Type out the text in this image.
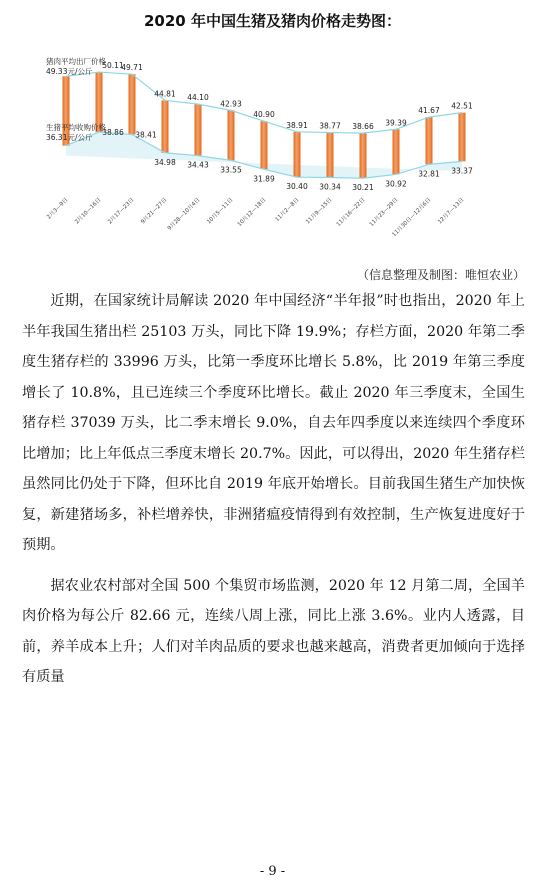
2020 年中国生猪及猪肉价格走势图：
50.11
49.71
44.81 44.10
42.93
40.90
38.91 38.77 38.66 39.39
41.67 42.51
38.86 38.41
34.98 34.43
33.55
31.89
30.40 30.34 30.21 30.92
32.81 33.37
2月3—9日 2月10—16日 2月17—23日 9月21—27日
9月28—10月4日 10月5—11日 10月12—18日 11月2—8日 11月9—15日 11月16—22日 11月23—29日
11月30日—12月6日 12月7—13日
猪肉平均出厂价格
49.33元/公斤
生猪平均收购价格
36.31元/公斤
（信息整理及制图：唯恒农业）

近期，在国家统计局解读 2020 年中国经济“半年报”时也指出，2020 年上半年我国生猪出栏 25103 万头，同比下降 19.9%；存栏方面，2020 年第二季度生猪存栏的 33996 万头，比第一季度环比增长 5.8%，比 2019 年第三季度增长了 10.8%，且已连续三个季度环比增长。截止 2020 年三季度末，全国生猪存栏 37039 万头，比二季末增长 9.0%，自去年四季度以来连续四个季度环比增加；比上年低点三季度末增长 20.7%。因此，可以得出，2020 年生猪存栏虽然同比仍处于下降，但环比自 2019 年底开始增长。目前我国生猪生产加快恢复，新建猪场多，补栏增养快，非洲猪瘟疫情得到有效控制，生产恢复进度好于预期。

据农业农村部对全国 500 个集贸市场监测，2020 年 12 月第二周，全国羊肉价格为每公斤 82.66 元，连续八周上涨，同比上涨 3.6%。业内人透露，目前，养羊成本上升；人们对羊肉品质的要求也越来越高，消费者更加倾向于选择有质量

- 9 -
